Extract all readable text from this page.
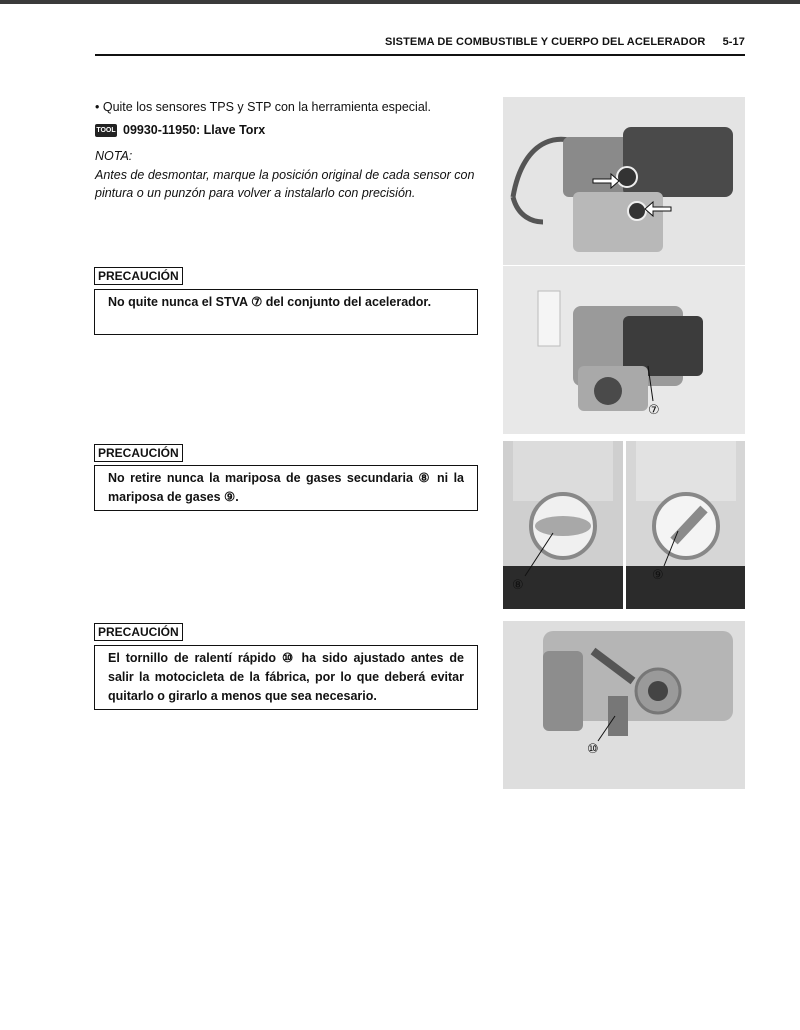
SISTEMA DE COMBUSTIBLE Y CUERPO DEL ACELERADOR 5-17
• Quite los sensores TPS y STP con la herramienta especial.
TOOL 09930-11950: Llave Torx
NOTA:
Antes de desmontar, marque la posición original de cada sensor con pintura o un punzón para volver a instalarlo con precisión.
PRECAUCIÓN
No quite nunca el STVA ⑦ del conjunto del acelerador.
PRECAUCIÓN
No retire nunca la mariposa de gases secundaria ⑧ ni la mariposa de gases ⑨.
PRECAUCIÓN
El tornillo de ralentí rápido ⑩ ha sido ajustado antes de salir la motocicleta de la fábrica, por lo que deberá evitar quitarlo o girarlo a menos que sea necesario.
⑦
⑧
⑨
⑩
